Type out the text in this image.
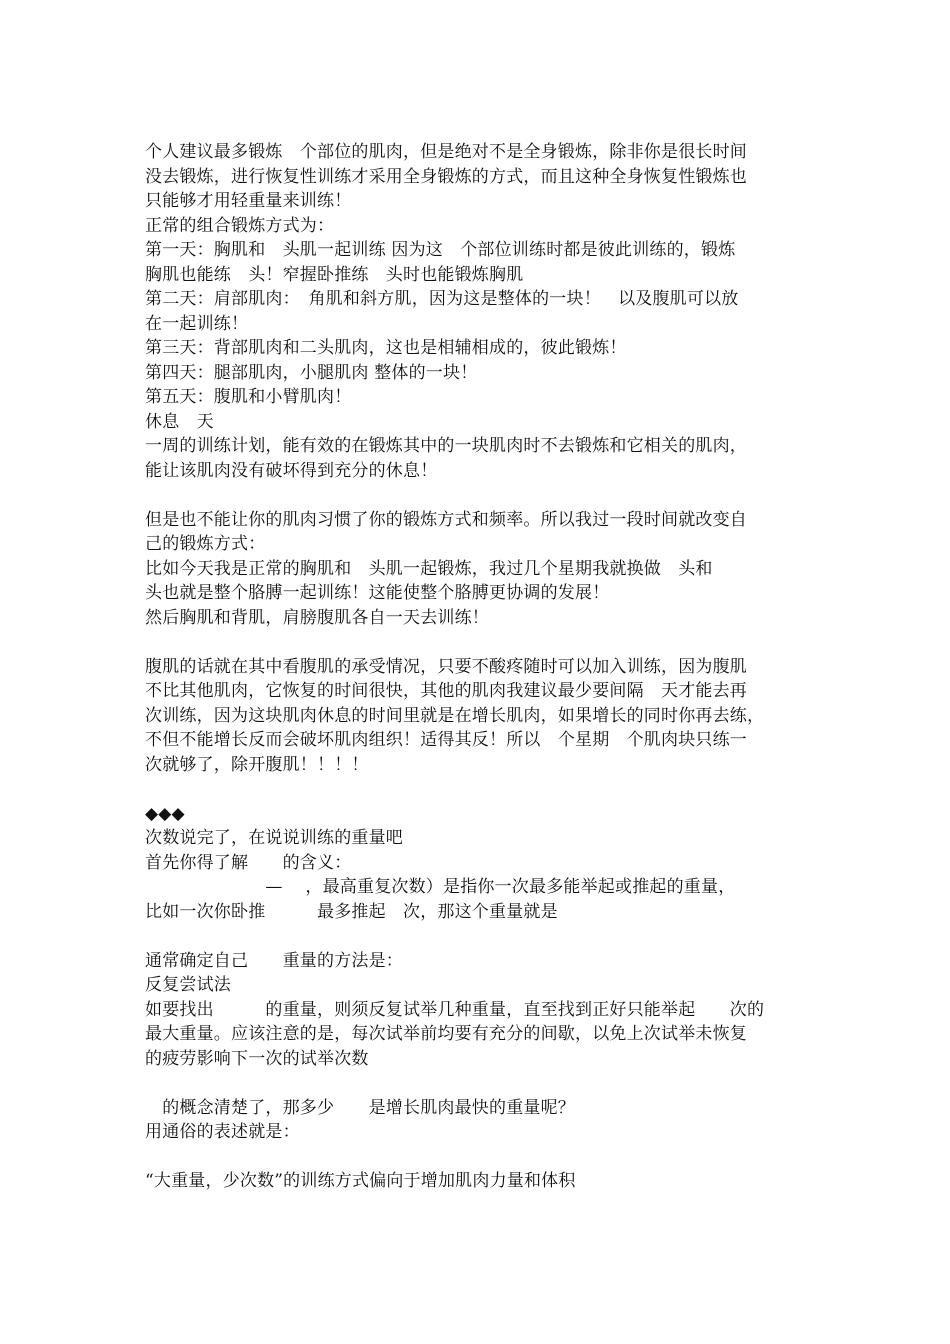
个人建议最多锻炼　个部位的肌肉，但是绝对不是全身锻炼，除非你是很长时间
没去锻炼，进行恢复性训练才采用全身锻炼的方式，而且这种全身恢复性锻炼也
只能够才用轻重量来训练！
正常的组合锻炼方式为：
第一天：胸肌和　头肌一起训练 因为这　个部位训练时都是彼此训练的，锻炼
胸肌也能练　头！窄握卧推练　头时也能锻炼胸肌
第二天：肩部肌肉：　角肌和斜方肌，因为这是整体的一块！　以及腹肌可以放
在一起训练！
第三天：背部肌肉和二头肌肉，这也是相辅相成的，彼此锻炼！
第四天：腿部肌肉，小腿肌肉 整体的一块！
第五天：腹肌和小臂肌肉！
休息　天
一周的训练计划，能有效的在锻炼其中的一块肌肉时不去锻炼和它相关的肌肉，
能让该肌肉没有破坏得到充分的休息！
但是也不能让你的肌肉习惯了你的锻炼方式和频率。所以我过一段时间就改变自
己的锻炼方式：
比如今天我是正常的胸肌和　头肌一起锻炼，我过几个星期我就换做　头和
头也就是整个胳膊一起训练！这能使整个胳膊更协调的发展！
然后胸肌和背肌，肩膀腹肌各自一天去训练！
腹肌的话就在其中看腹肌的承受情况，只要不酸疼随时可以加入训练，因为腹肌
不比其他肌肉，它恢复的时间很快，其他的肌肉我建议最少要间隔　天才能去再
次训练，因为这块肌肉休息的时间里就是在增长肌肉，如果增长的同时你再去练，
不但不能增长反而会破坏肌肉组织！适得其反！所以　个星期　个肌肉块只练一
次就够了，除开腹肌！！！！
◆◆◆
次数说完了，在说说训练的重量吧
首先你得了解　　的含义：
　　　　　　　— 　，最高重复次数）是指你一次最多能举起或推起的重量，
比如一次你卧推　　　最多推起　次，那这个重量就是
通常确定自己　　重量的方法是：
反复尝试法
如要找出　　　的重量，则须反复试举几种重量，直至找到正好只能举起　　次的
最大重量。应该注意的是，每次试举前均要有充分的间歇，以免上次试举未恢复
的疲劳影响下一次的试举次数
　的概念清楚了，那多少　　是增长肌肉最快的重量呢？
用通俗的表述就是：
“大重量，少次数”的训练方式偏向于增加肌肉力量和体积
